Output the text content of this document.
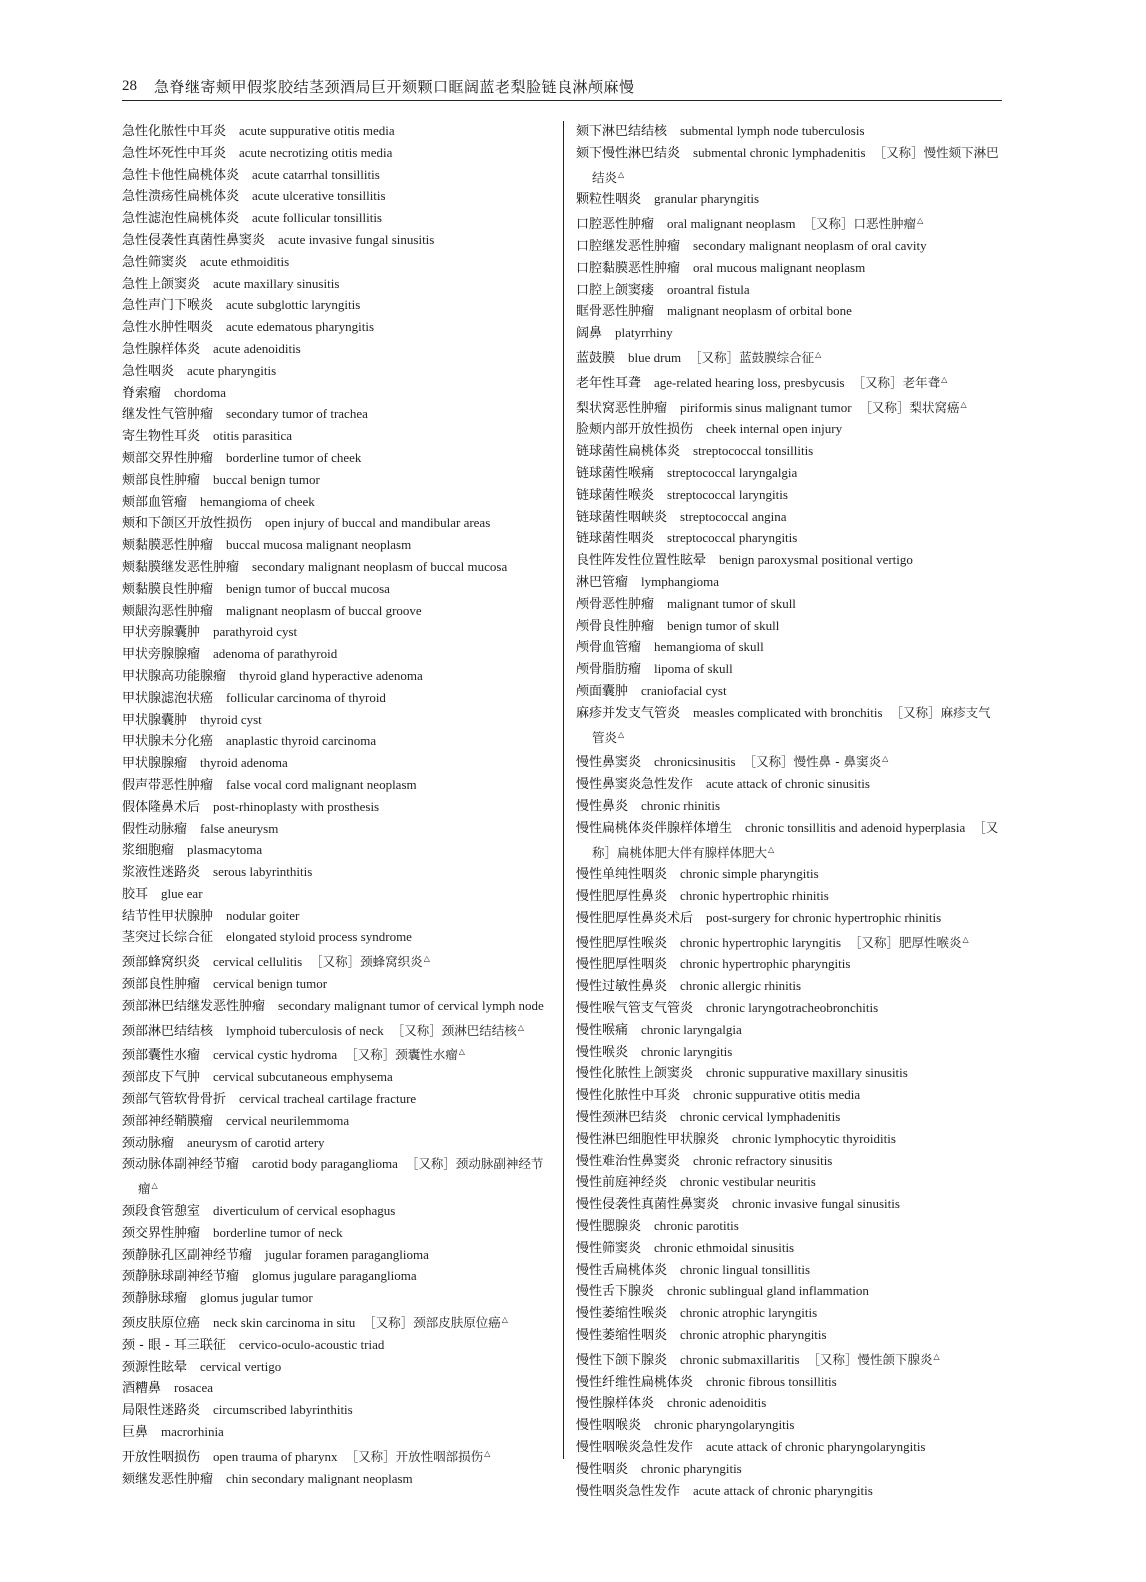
28 急脊继寄颊甲假浆胶结茎颈酒局巨开颏颗口眶阔蓝老梨脸链良淋颅麻慢
急性化脓性中耳炎 acute suppurative otitis media
急性坏死性中耳炎 acute necrotizing otitis media
急性卡他性扁桃体炎 acute catarrhal tonsillitis
急性溃疡性扁桃体炎 acute ulcerative tonsillitis
急性滤泡性扁桃体炎 acute follicular tonsillitis
急性侵袭性真菌性鼻窦炎 acute invasive fungal sinusitis
急性筛窦炎 acute ethmoiditis
急性上颌窦炎 acute maxillary sinusitis
急性声门下喉炎 acute subglottic laryngitis
急性水肿性咽炎 acute edematous pharyngitis
急性腺样体炎 acute adenoiditis
急性咽炎 acute pharyngitis
脊索瘤 chordoma
继发性气管肿瘤 secondary tumor of trachea
寄生物性耳炎 otitis parasitica
颊部交界性肿瘤 borderline tumor of cheek
颊部良性肿瘤 buccal benign tumor
颊部血管瘤 hemangioma of cheek
颊和下颌区开放性损伤 open injury of buccal and mandibular areas
颊黏膜恶性肿瘤 buccal mucosa malignant neoplasm
颊黏膜继发恶性肿瘤 secondary malignant neoplasm of buccal mucosa
颊黏膜良性肿瘤 benign tumor of buccal mucosa
颊龈沟恶性肿瘤 malignant neoplasm of buccal groove
甲状旁腺囊肿 parathyroid cyst
甲状旁腺腺瘤 adenoma of parathyroid
甲状腺高功能腺瘤 thyroid gland hyperactive adenoma
甲状腺滤泡状癌 follicular carcinoma of thyroid
甲状腺囊肿 thyroid cyst
甲状腺未分化癌 anaplastic thyroid carcinoma
甲状腺腺瘤 thyroid adenoma
假声带恶性肿瘤 false vocal cord malignant neoplasm
假体隆鼻术后 post-rhinoplasty with prosthesis
假性动脉瘤 false aneurysm
浆细胞瘤 plasmacytoma
浆液性迷路炎 serous labyrinthitis
胶耳 glue ear
结节性甲状腺肿 nodular goiter
茎突过长综合征 elongated styloid process syndrome
颈部蜂窝织炎 cervical cellulitis ［又称］颈蜂窝织炎△
颈部良性肿瘤 cervical benign tumor
颈部淋巴结继发恶性肿瘤 secondary malignant tumor of cervical lymph node
颈部淋巴结结核 lymphoid tuberculosis of neck ［又称］颈淋巴结结核△
颈部囊性水瘤 cervical cystic hydroma ［又称］颈囊性水瘤△
颈部皮下气肿 cervical subcutaneous emphysema
颈部气管软骨骨折 cervical tracheal cartilage fracture
颈部神经鞘膜瘤 cervical neurilemmoma
颈动脉瘤 aneurysm of carotid artery
颈动脉体副神经节瘤 carotid body paraganglioma ［又称］颈动脉副神经节瘤△
颈段食管憩室 diverticulum of cervical esophagus
颈交界性肿瘤 borderline tumor of neck
颈静脉孔区副神经节瘤 jugular foramen paraganglioma
颈静脉球副神经节瘤 glomus jugulare paraganglioma
颈静脉球瘤 glomus jugular tumor
颈皮肤原位癌 neck skin carcinoma in situ ［又称］颈部皮肤原位癌△
颈 - 眼 - 耳三联征 cervico-oculo-acoustic triad
颈源性眩晕 cervical vertigo
酒糟鼻 rosacea
局限性迷路炎 circumscribed labyrinthitis
巨鼻 macrorhinia
开放性咽损伤 open trauma of pharynx ［又称］开放性咽部损伤△
颏继发恶性肿瘤 chin secondary malignant neoplasm
颏下淋巴结结核 submental lymph node tuberculosis
颏下慢性淋巴结炎 submental chronic lymphadenitis ［又称］慢性颏下淋巴结炎△
颗粒性咽炎 granular pharyngitis
口腔恶性肿瘤 oral malignant neoplasm ［又称］口恶性肿瘤△
口腔继发恶性肿瘤 secondary malignant neoplasm of oral cavity
口腔黏膜恶性肿瘤 oral mucous malignant neoplasm
口腔上颌窦瘘 oroantral fistula
眶骨恶性肿瘤 malignant neoplasm of orbital bone
阔鼻 platyrrhiny
蓝鼓膜 blue drum ［又称］蓝鼓膜综合征△
老年性耳聋 age-related hearing loss, presbycusis ［又称］老年聋△
梨状窝恶性肿瘤 piriformis sinus malignant tumor ［又称］梨状窝癌△
脸颊内部开放性损伤 cheek internal open injury
链球菌性扁桃体炎 streptococcal tonsillitis
链球菌性喉痛 streptococcal laryngalgia
链球菌性喉炎 streptococcal laryngitis
链球菌性咽峡炎 streptococcal angina
链球菌性咽炎 streptococcal pharyngitis
良性阵发性位置性眩晕 benign paroxysmal positional vertigo
淋巴管瘤 lymphangioma
颅骨恶性肿瘤 malignant tumor of skull
颅骨良性肿瘤 benign tumor of skull
颅骨血管瘤 hemangioma of skull
颅骨脂肪瘤 lipoma of skull
颅面囊肿 craniofacial cyst
麻疹并发支气管炎 measles complicated with bronchitis ［又称］麻疹支气管炎△
慢性鼻窦炎 chronicsinusitis ［又称］慢性鼻 - 鼻窦炎△
慢性鼻窦炎急性发作 acute attack of chronic sinusitis
慢性鼻炎 chronic rhinitis
慢性扁桃体炎伴腺样体增生 chronic tonsillitis and adenoid hyperplasia ［又称］扁桃体肥大伴有腺样体肥大△
慢性单纯性咽炎 chronic simple pharyngitis
慢性肥厚性鼻炎 chronic hypertrophic rhinitis
慢性肥厚性鼻炎术后 post-surgery for chronic hypertrophic rhinitis
慢性肥厚性喉炎 chronic hypertrophic laryngitis ［又称］肥厚性喉炎△
慢性肥厚性咽炎 chronic hypertrophic pharyngitis
慢性过敏性鼻炎 chronic allergic rhinitis
慢性喉气管支气管炎 chronic laryngotracheobronchitis
慢性喉痛 chronic laryngalgia
慢性喉炎 chronic laryngitis
慢性化脓性上颌窦炎 chronic suppurative maxillary sinusitis
慢性化脓性中耳炎 chronic suppurative otitis media
慢性颈淋巴结炎 chronic cervical lymphadenitis
慢性淋巴细胞性甲状腺炎 chronic lymphocytic thyroiditis
慢性难治性鼻窦炎 chronic refractory sinusitis
慢性前庭神经炎 chronic vestibular neuritis
慢性侵袭性真菌性鼻窦炎 chronic invasive fungal sinusitis
慢性腮腺炎 chronic parotitis
慢性筛窦炎 chronic ethmoidal sinusitis
慢性舌扁桃体炎 chronic lingual tonsillitis
慢性舌下腺炎 chronic sublingual gland inflammation
慢性萎缩性喉炎 chronic atrophic laryngitis
慢性萎缩性咽炎 chronic atrophic pharyngitis
慢性下颌下腺炎 chronic submaxillaritis ［又称］慢性颌下腺炎△
慢性纤维性扁桃体炎 chronic fibrous tonsillitis
慢性腺样体炎 chronic adenoiditis
慢性咽喉炎 chronic pharyngolaryngitis
慢性咽喉炎急性发作 acute attack of chronic pharyngolaryngitis
慢性咽炎 chronic pharyngitis
慢性咽炎急性发作 acute attack of chronic pharyngitis
